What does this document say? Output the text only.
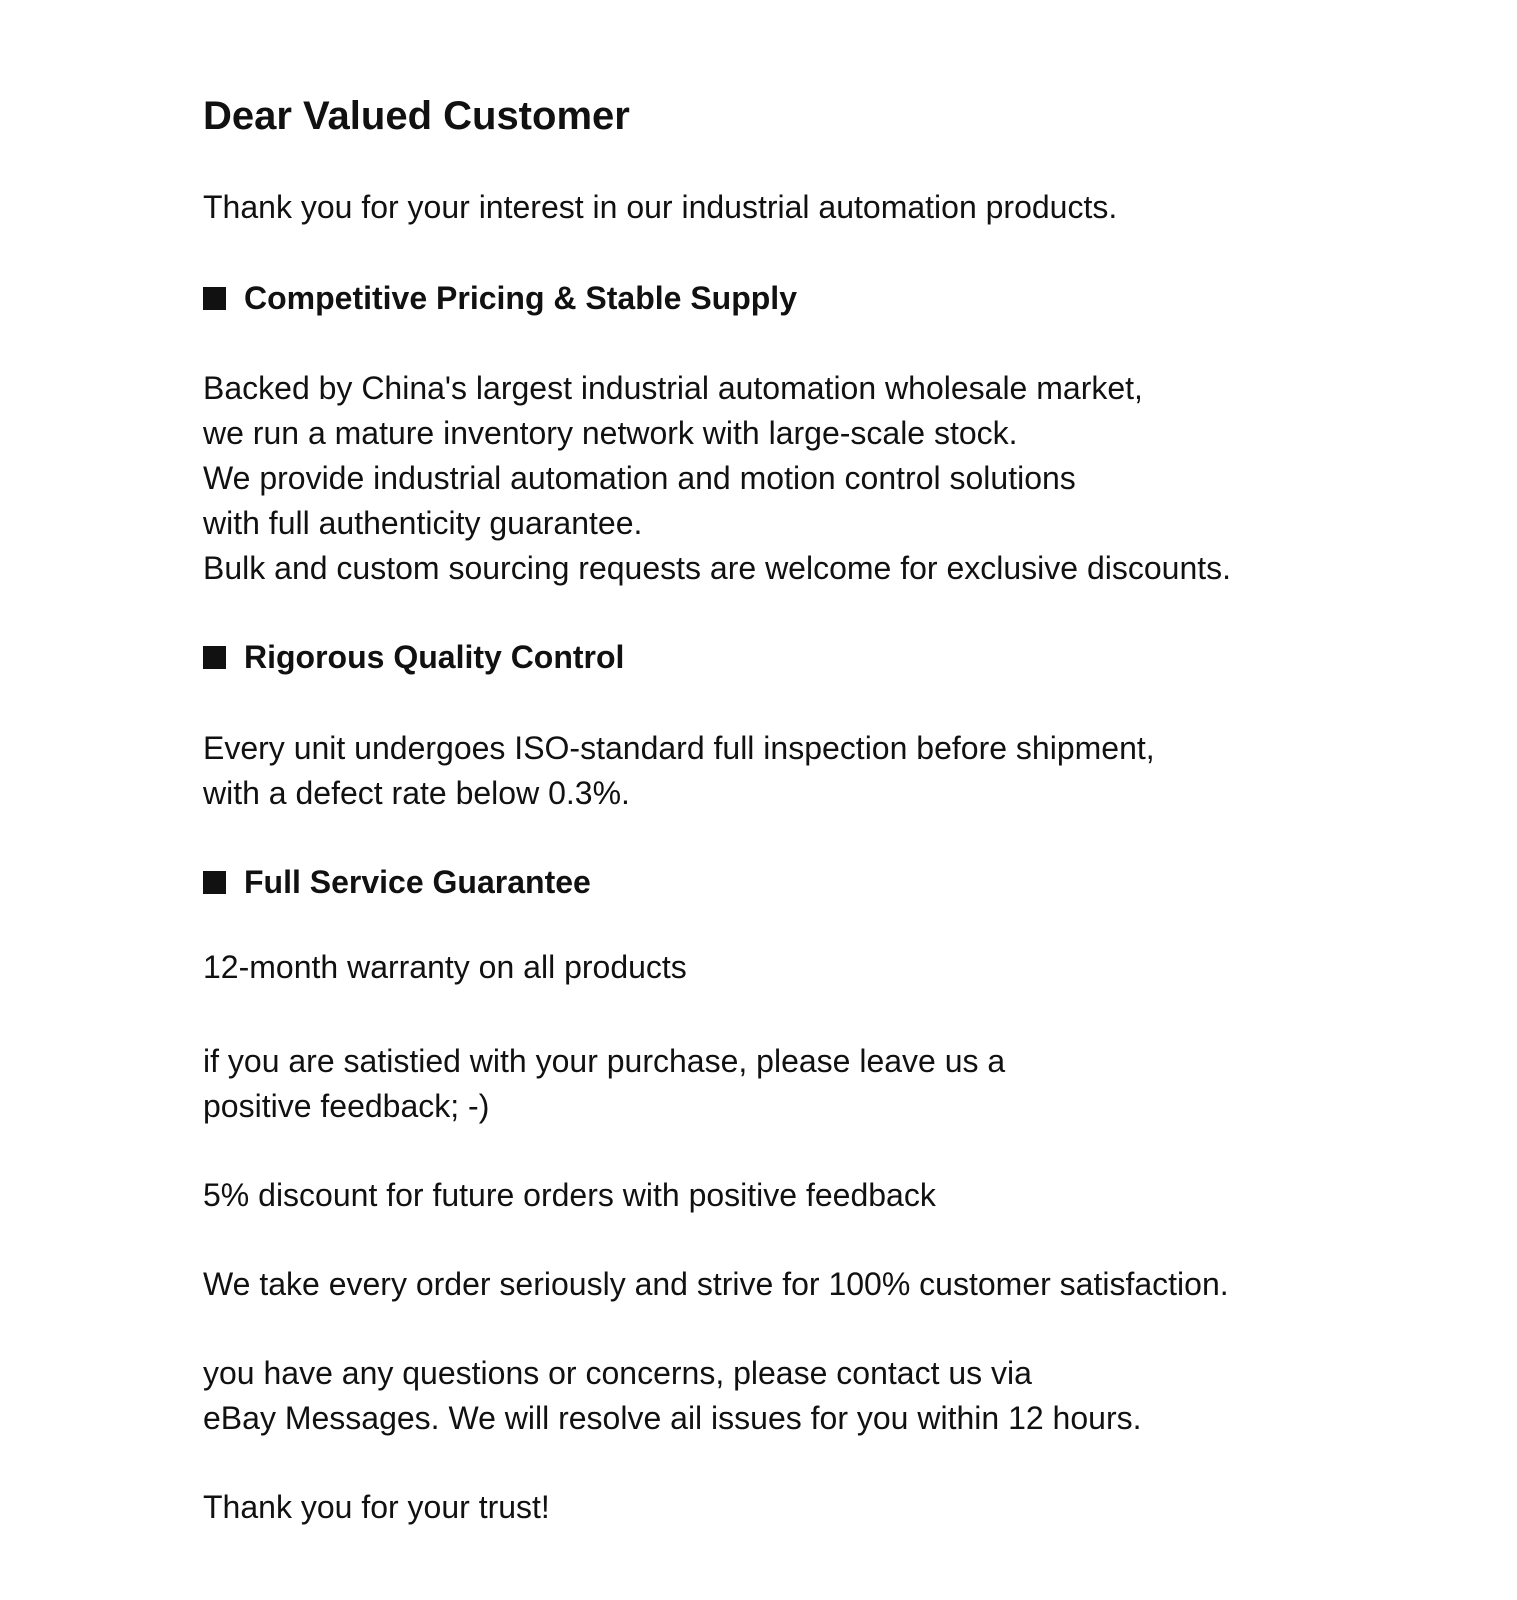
Dear Valued Customer

Thank you for your interest in our industrial automation products.

Competitive Pricing & Stable Supply

Backed by China's largest industrial automation wholesale market,
we run a mature inventory network with large-scale stock.
We provide industrial automation and motion control solutions
with full authenticity guarantee.
Bulk and custom sourcing requests are welcome for exclusive discounts.

Rigorous Quality Control

Every unit undergoes ISO-standard full inspection before shipment,
with a defect rate below 0.3%.

Full Service Guarantee

12-month warranty on all products

if you are satistied with your purchase, please leave us a
positive feedback; -)

5% discount for future orders with positive feedback

We take every order seriously and strive for 100% customer satisfaction.

you have any questions or concerns, please contact us via
eBay Messages. We will resolve ail issues for you within 12 hours.

Thank you for your trust!
